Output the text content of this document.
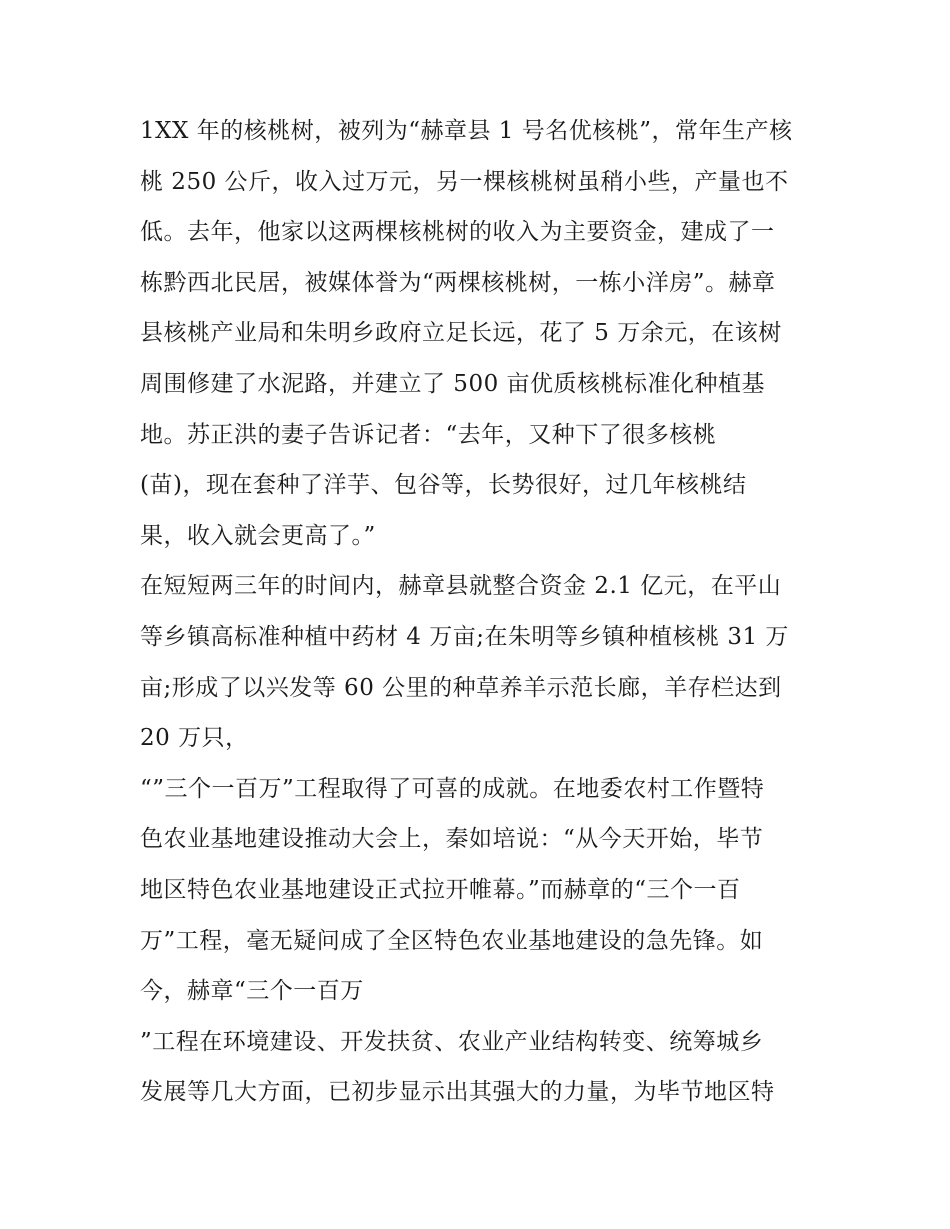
1XX 年的核桃树，被列为“赫章县 1 号名优核桃”，常年生产核
桃 250 公斤，收入过万元，另一棵核桃树虽稍小些，产量也不
低。去年，他家以这两棵核桃树的收入为主要资金，建成了一
栋黔西北民居，被媒体誉为“两棵核桃树，一栋小洋房”。赫章
县核桃产业局和朱明乡政府立足长远，花了 5 万余元，在该树
周围修建了水泥路，并建立了 500 亩优质核桃标准化种植基
地。苏正洪的妻子告诉记者：“去年，又种下了很多核桃
(苗)，现在套种了洋芋、包谷等，长势很好，过几年核桃结
果，收入就会更高了。”
在短短两三年的时间内，赫章县就整合资金 2.1 亿元，在平山
等乡镇高标准种植中药材 4 万亩;在朱明等乡镇种植核桃 31 万
亩;形成了以兴发等 60 公里的种草养羊示范长廊，羊存栏达到
20 万只，
“”三个一百万”工程取得了可喜的成就。在地委农村工作暨特
色农业基地建设推动大会上，秦如培说：“从今天开始，毕节
地区特色农业基地建设正式拉开帷幕。”而赫章的“三个一百
万”工程，毫无疑问成了全区特色农业基地建设的急先锋。如
今，赫章“三个一百万
”工程在环境建设、开发扶贫、农业产业结构转变、统筹城乡
发展等几大方面，已初步显示出其强大的力量，为毕节地区特
